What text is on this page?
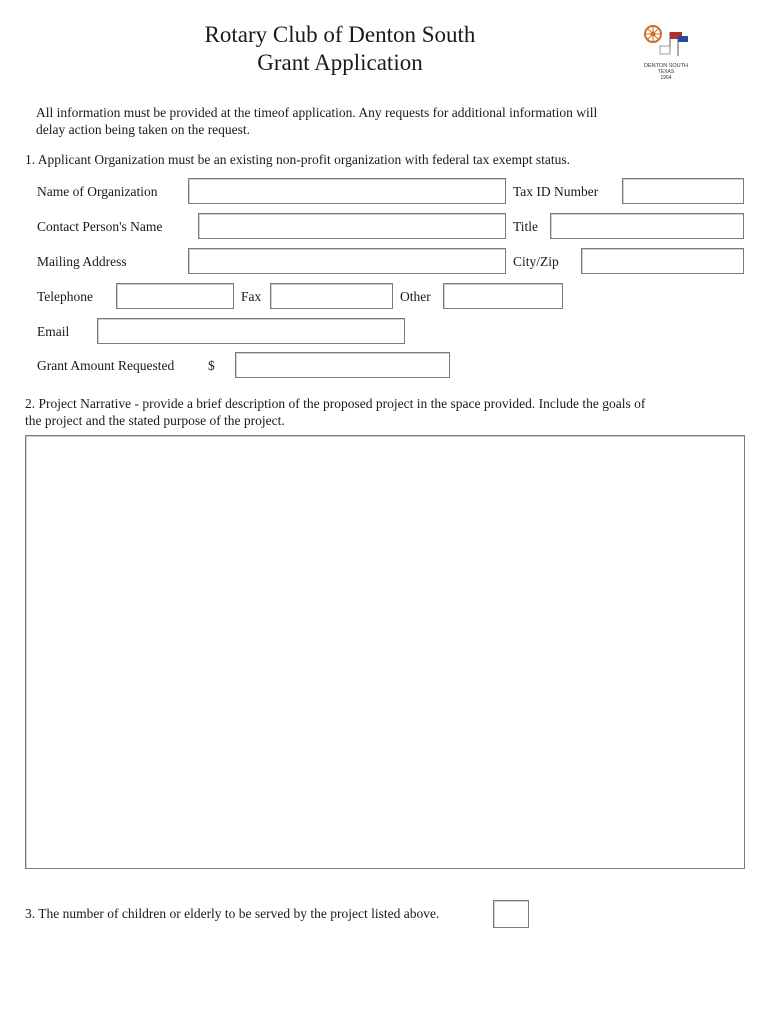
Rotary Club of Denton South
Grant Application	DENTON SOUTH
TEXAS
1964
All information must be provided at the timeof application. Any requests for additional information will
delay action being taken on the request.
1. Applicant Organization must be an existing non-profit organization with federal tax exempt status.
Name of Organization	Tax ID Number
Contact Person's Name	Title
Mailing Address	City/Zip
Telephone	Fax	Other
Email
Grant Amount Requested	$
2. Project Narrative - provide a brief description of the proposed project in the space provided. Include the goals of
the project and the stated purpose of the project.
3. The number of children or elderly to be served by the project listed above.
